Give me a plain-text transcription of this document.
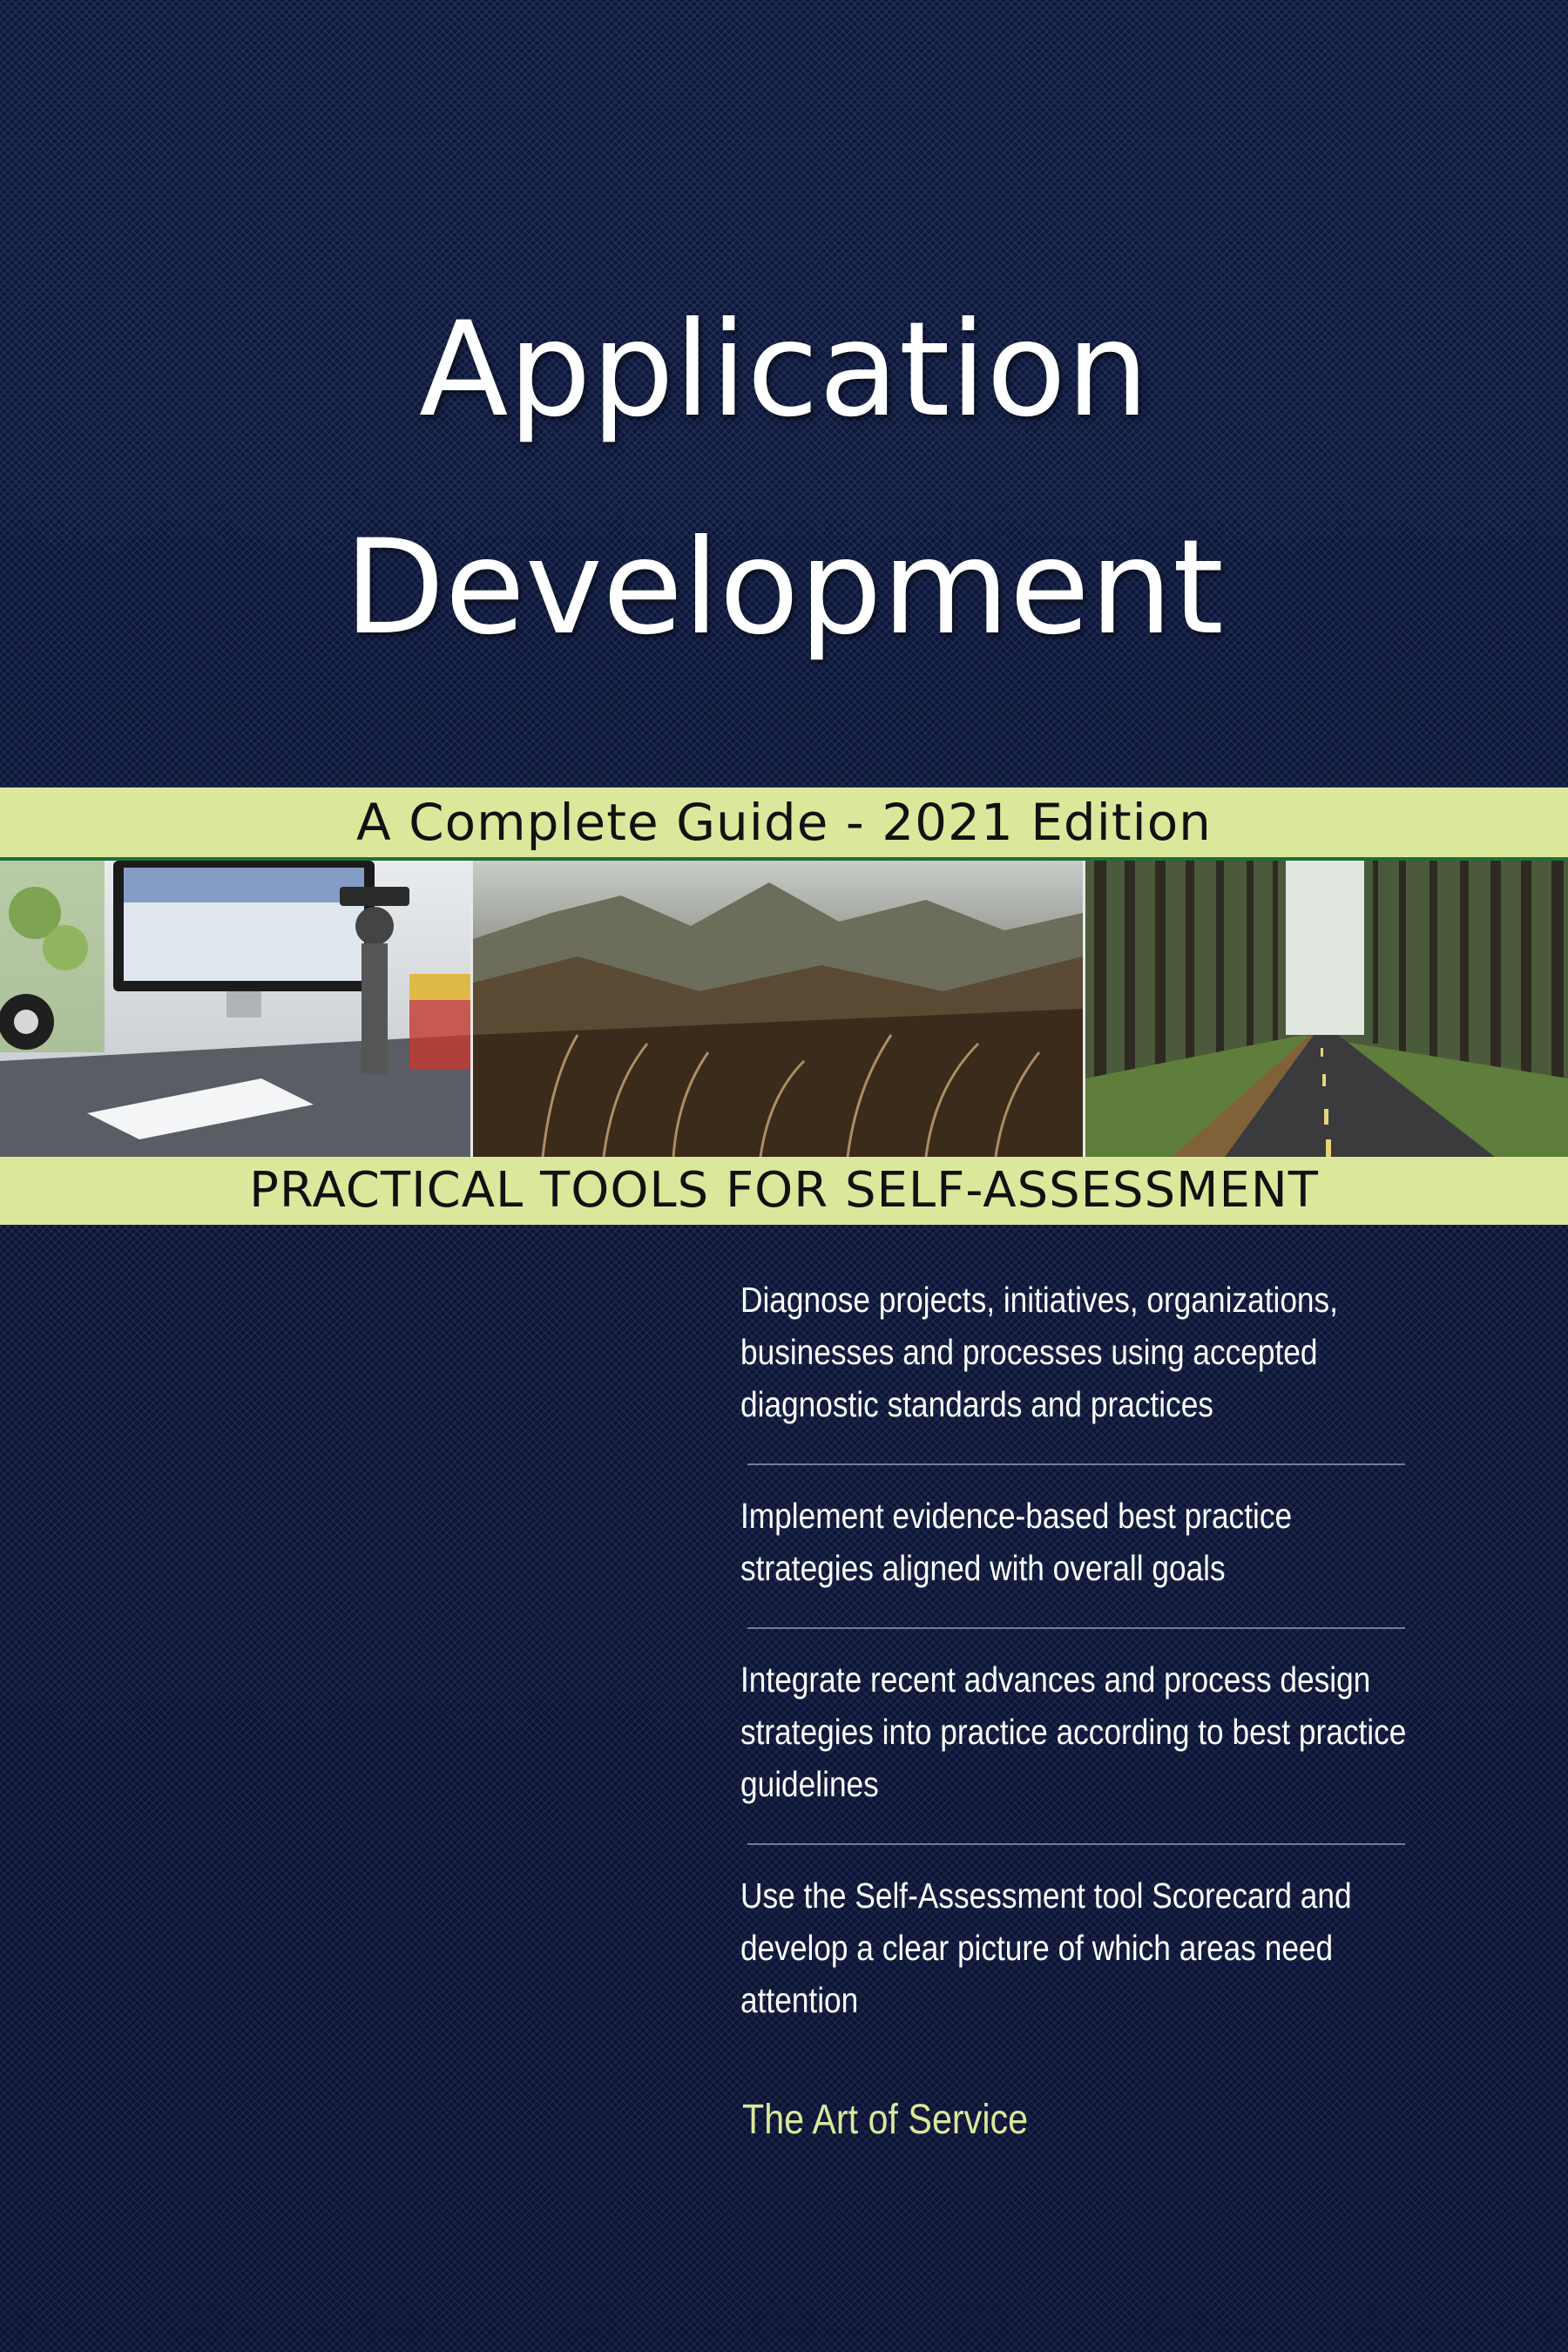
Application
Development
A Complete Guide - 2021 Edition
PRACTICAL TOOLS FOR SELF-ASSESSMENT

Diagnose projects, initiatives, organizations, businesses and processes using accepted diagnostic standards and practices

Implement evidence-based best practice strategies aligned with overall goals

Integrate recent advances and process design strategies into practice according to best practice guidelines

Use the Self-Assessment tool Scorecard and develop a clear picture of which areas need attention

The Art of Service
